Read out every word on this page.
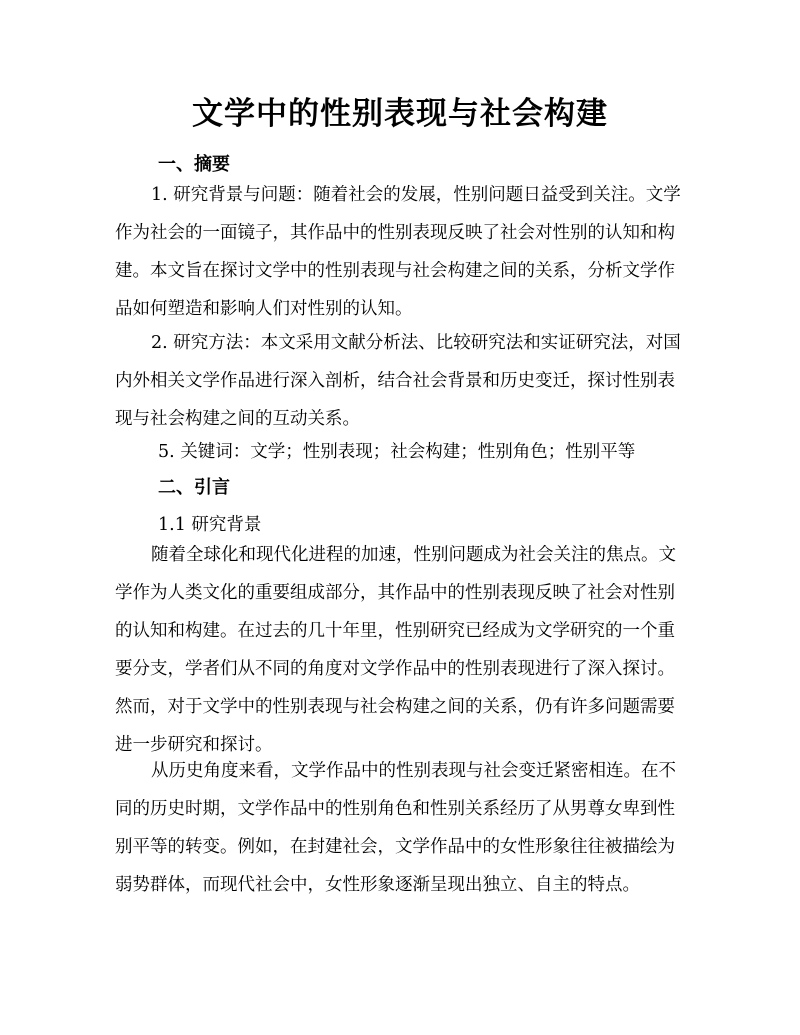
文学中的性别表现与社会构建
一、摘要
1. 研究背景与问题：随着社会的发展，性别问题日益受到关注。文学作为社会的一面镜子，其作品中的性别表现反映了社会对性别的认知和构建。本文旨在探讨文学中的性别表现与社会构建之间的关系，分析文学作品如何塑造和影响人们对性别的认知。
2. 研究方法：本文采用文献分析法、比较研究法和实证研究法，对国内外相关文学作品进行深入剖析，结合社会背景和历史变迁，探讨性别表现与社会构建之间的互动关系。
5. 关键词：文学；性别表现；社会构建；性别角色；性别平等
二、引言
1.1 研究背景
随着全球化和现代化进程的加速，性别问题成为社会关注的焦点。文学作为人类文化的重要组成部分，其作品中的性别表现反映了社会对性别的认知和构建。在过去的几十年里，性别研究已经成为文学研究的一个重要分支，学者们从不同的角度对文学作品中的性别表现进行了深入探讨。然而，对于文学中的性别表现与社会构建之间的关系，仍有许多问题需要进一步研究和探讨。
从历史角度来看，文学作品中的性别表现与社会变迁紧密相连。在不同的历史时期，文学作品中的性别角色和性别关系经历了从男尊女卑到性别平等的转变。例如，在封建社会，文学作品中的女性形象往往被描绘为弱势群体，而现代社会中，女性形象逐渐呈现出独立、自主的特点。
